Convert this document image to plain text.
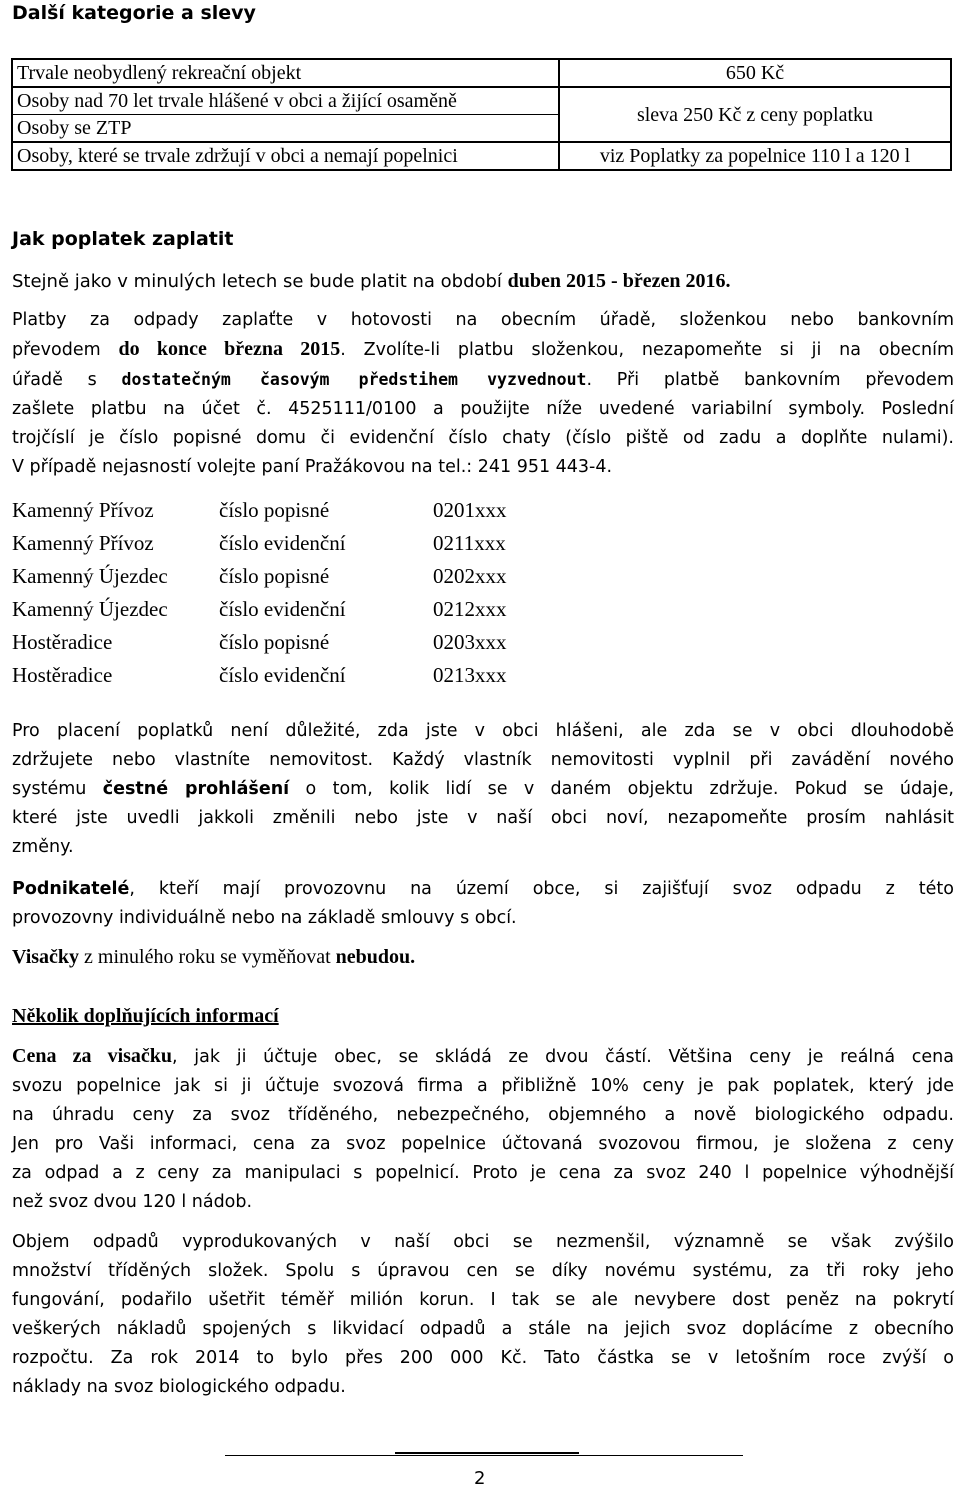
Další kategorie a slevy
Trvale neobydlený rekreační objekt	650 Kč
Osoby nad 70 let trvale hlášené v obci a žijící osaměně	sleva 250 Kč z ceny poplatku
Osoby se ZTP	
Osoby, které se trvale zdržují v obci a nemají popelnici	viz Poplatky za popelnice 110 l a 120 l
Jak poplatek zaplatit
Stejně jako v minulých letech se bude platit na období duben 2015 - březen 2016.
Platby za odpady zaplaťte v hotovosti na obecním úřadě, složenkou nebo bankovním
převodem do konce března 2015. Zvolíte-li platbu složenkou, nezapomeňte si ji na obecním
úřadě s dostatečným časovým předstihem vyzvednout. Při platbě bankovním převodem
zašlete platbu na účet č. 4525111/0100 a použijte níže uvedené variabilní symboly. Poslední
trojčíslí je číslo popisné domu či evidenční číslo chaty (číslo piště od zadu a doplňte nulami).
V případě nejasností volejte paní Pražákovou na tel.: 241 951 443-4.
Kamenný Přívoz	číslo popisné	0201xxx
Kamenný Přívoz	číslo evidenční	0211xxx
Kamenný Újezdec	číslo popisné	0202xxx
Kamenný Újezdec	číslo evidenční	0212xxx
Hostěradice	číslo popisné	0203xxx
Hostěradice	číslo evidenční	0213xxx
Pro placení poplatků není důležité, zda jste v obci hlášeni, ale zda se v obci dlouhodobě
zdržujete nebo vlastníte nemovitost. Každý vlastník nemovitosti vyplnil při zavádění nového
systému čestné prohlášení o tom, kolik lidí se v daném objektu zdržuje. Pokud se údaje,
které jste uvedli jakkoli změnili nebo jste v naší obci noví, nezapomeňte prosím nahlásit
změny.
Podnikatelé, kteří mají provozovnu na území obce, si zajišťují svoz odpadu z této
provozovny individuálně nebo na základě smlouvy s obcí.
Visačky z minulého roku se vyměňovat nebudou.
Několik doplňujících informací
Cena za visačku, jak ji účtuje obec, se skládá ze dvou částí. Většina ceny je reálná cena
svozu popelnice jak si ji účtuje svozová firma a přibližně 10% ceny je pak poplatek, který jde
na úhradu ceny za svoz tříděného, nebezpečného, objemného a nově biologického odpadu.
Jen pro Vaši informaci, cena za svoz popelnice účtovaná svozovou firmou, je složena z ceny
za odpad a z ceny za manipulaci s popelnicí. Proto je cena za svoz 240 l popelnice výhodnější
než svoz dvou 120 l nádob.
Objem odpadů vyprodukovaných v naší obci se nezmenšil, významně se však zvýšilo
množství tříděných složek. Spolu s úpravou cen se díky novému systému, za tři roky jeho
fungování, podařilo ušetřit téměř milión korun. I tak se ale nevybere dost peněz na pokrytí
veškerých nákladů spojených s likvidací odpadů a stále na jejich svoz doplácíme z obecního
rozpočtu. Za rok 2014 to bylo přes 200 000 Kč. Tato částka se v letošním roce zvýší o
náklady na svoz biologického odpadu.
2
